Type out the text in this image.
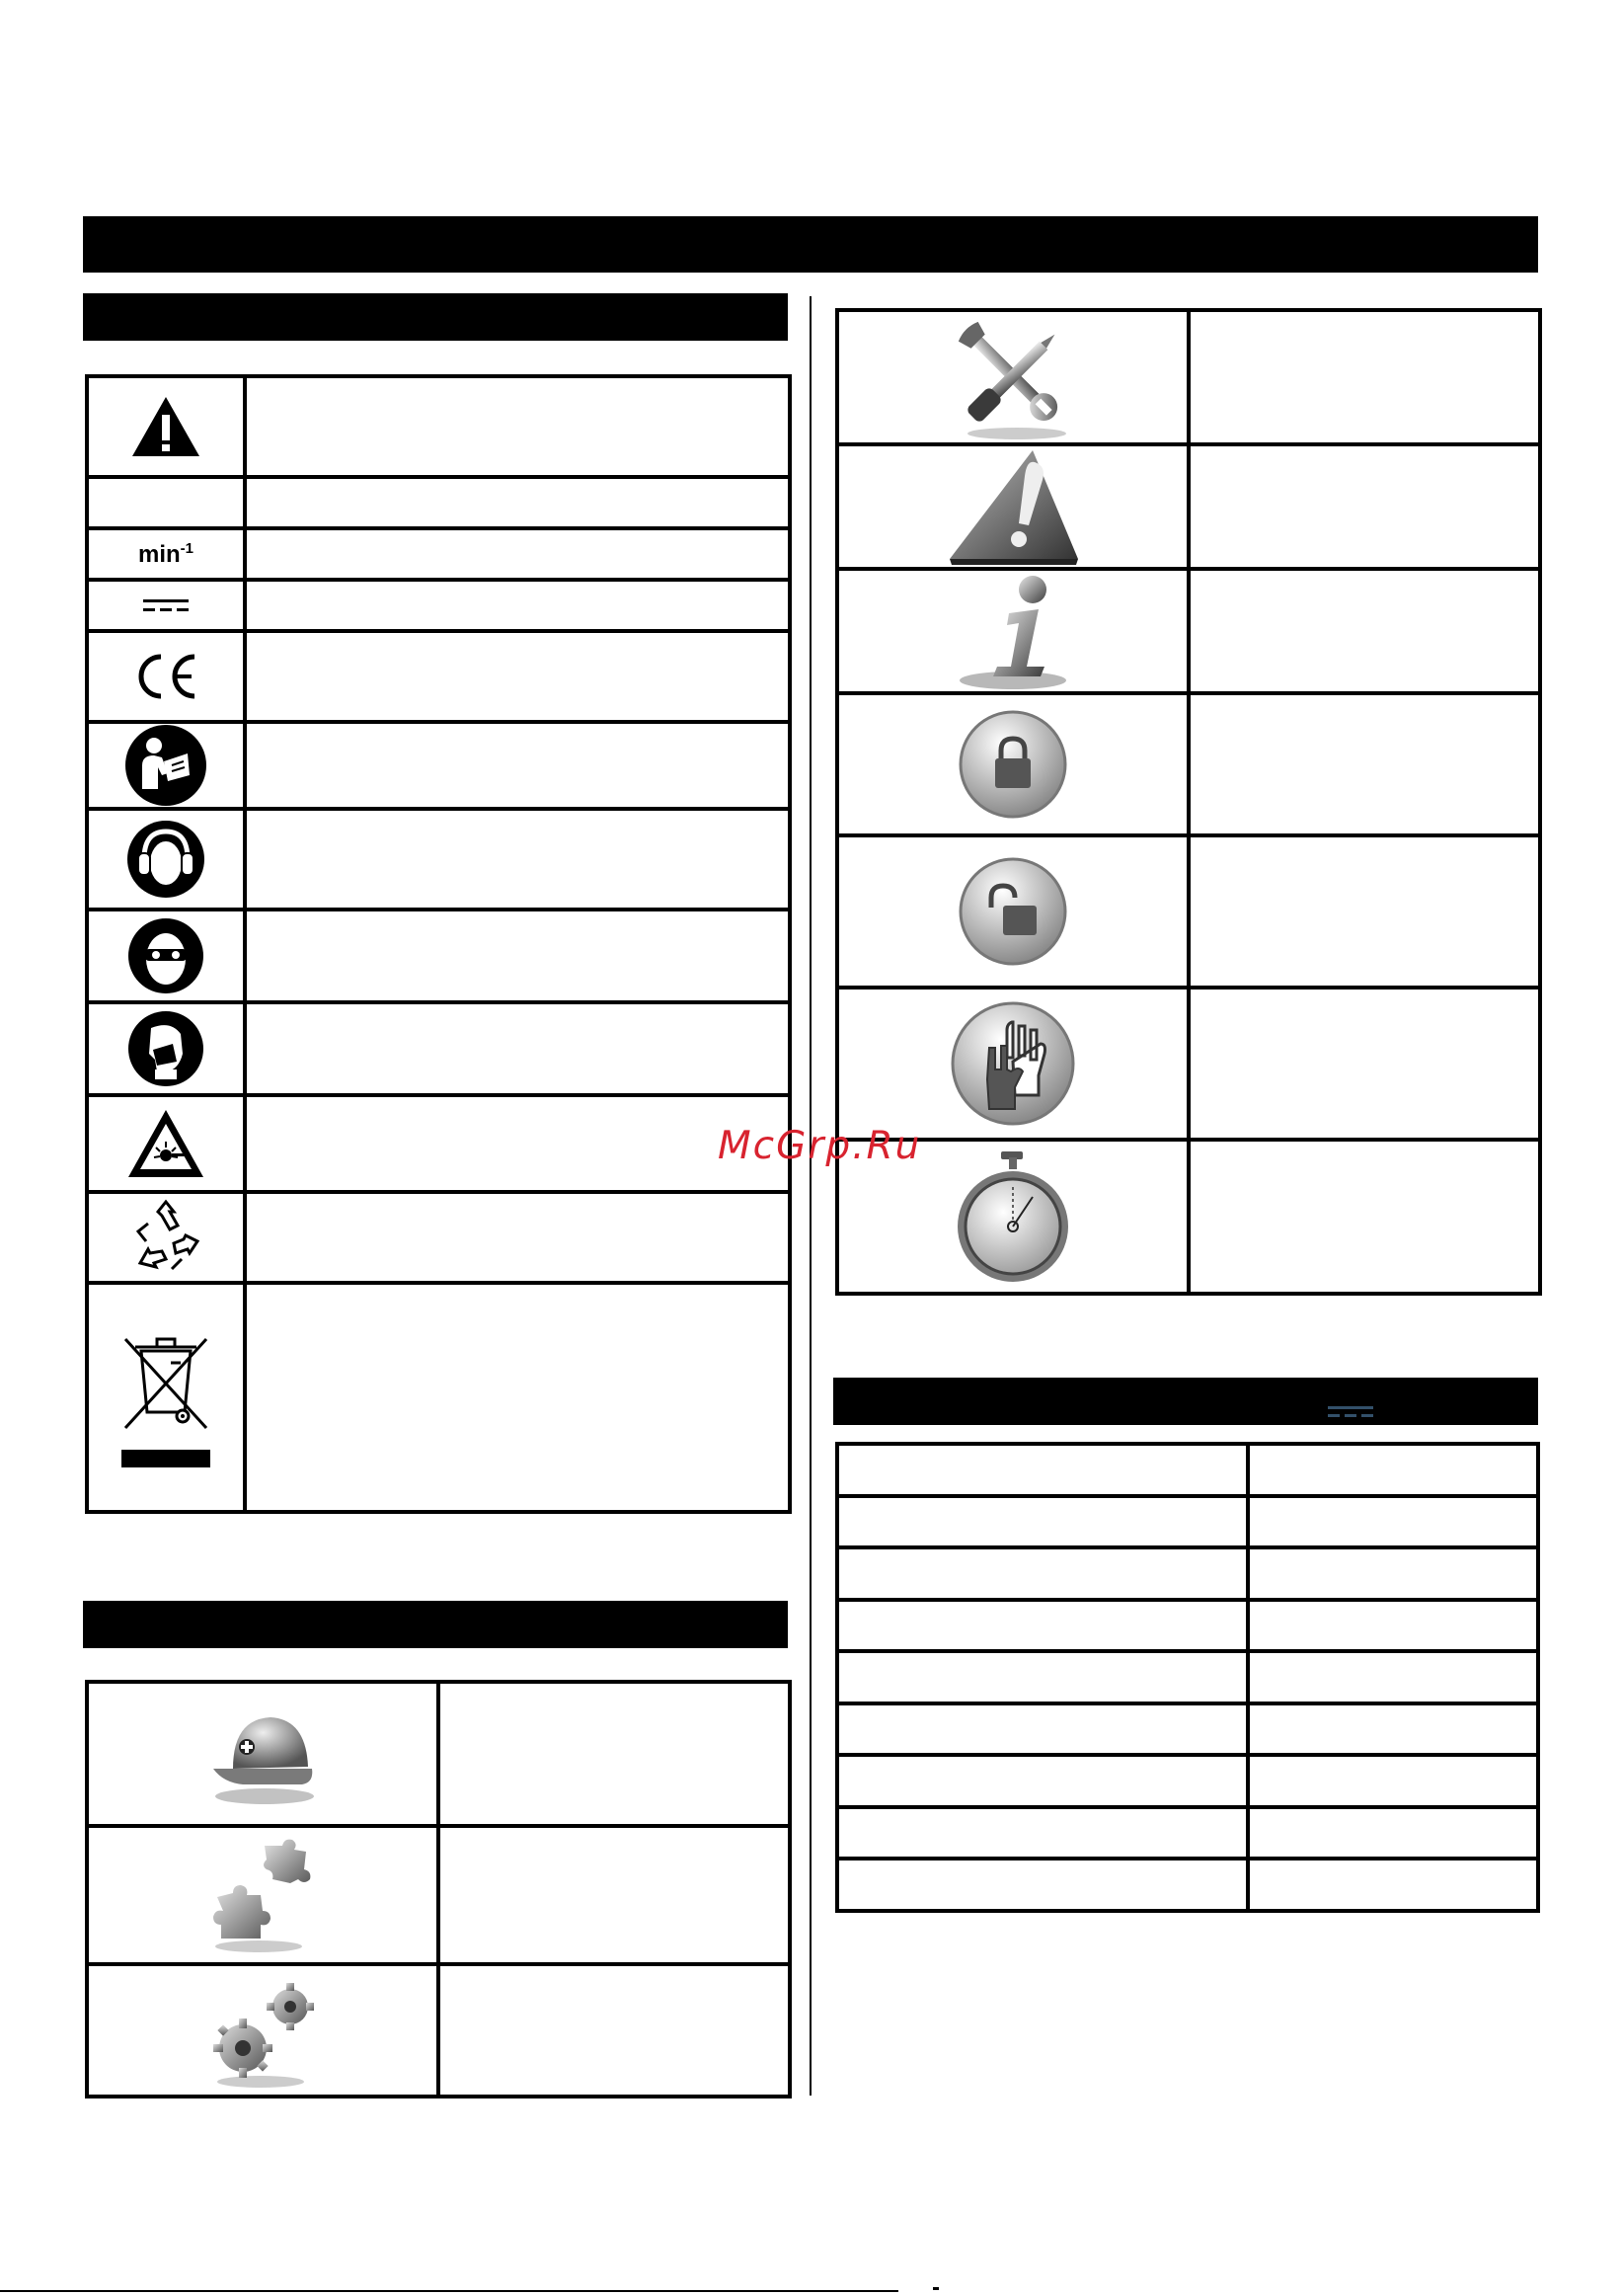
$\min^{-1}$	

McGrp.Ru
